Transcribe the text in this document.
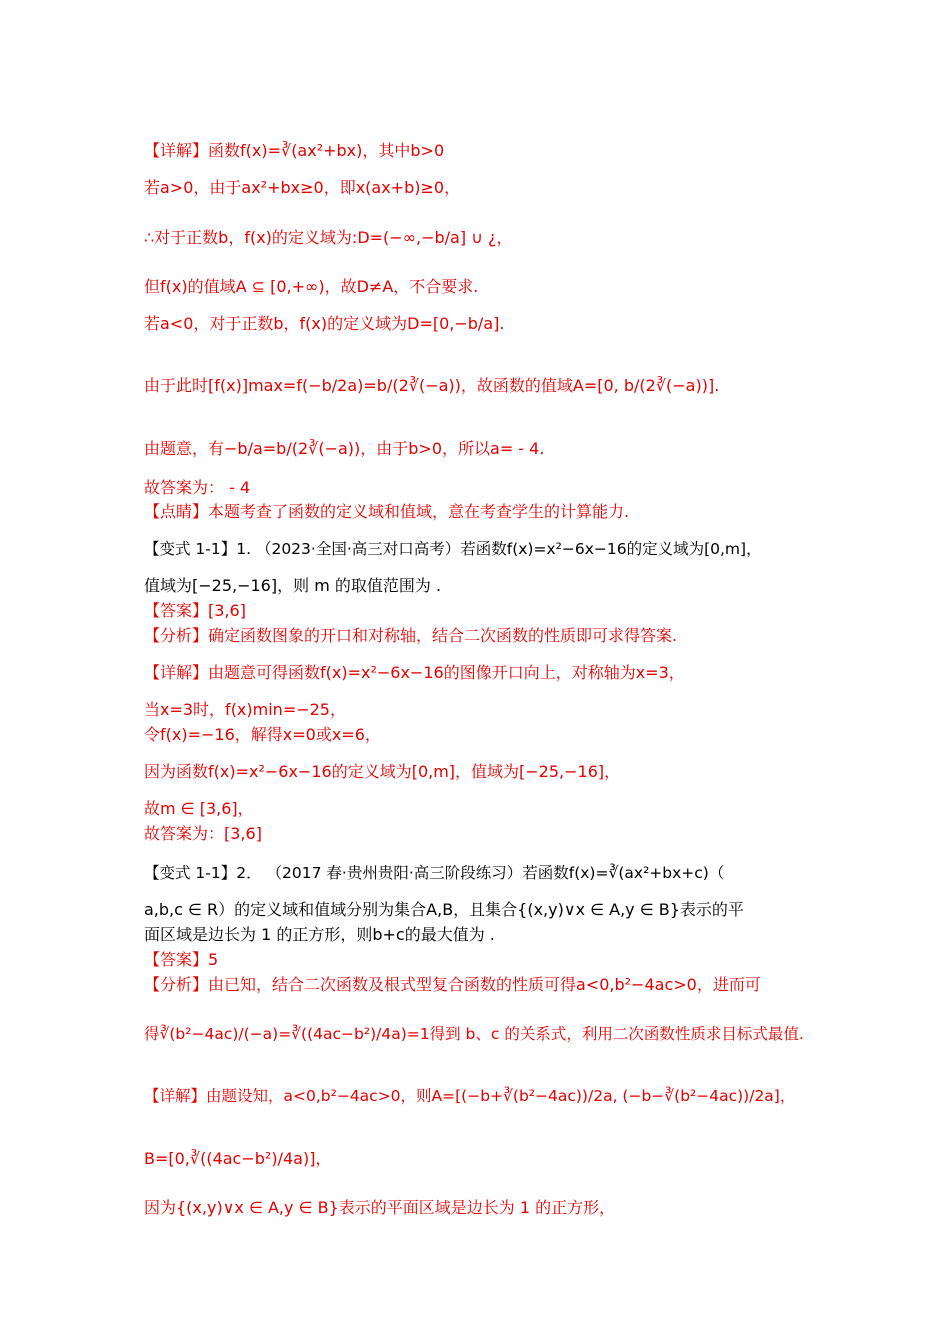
【详解】函数f(x)=∛(ax²+bx)，其中b>0

若a>0，由于ax²+bx≥0，即x(ax+b)≥0，

∴对于正数b，f(x)的定义域为:D=(−∞,−b/a] ∪ ¿，

但f(x)的值域A ⊆ [0,+∞)，故D≠A，不合要求.

若a<0，对于正数b，f(x)的定义域为D=[0,−b/a].

由于此时[f(x)]max=f(−b/2a)=b/(2∛(−a))，故函数的值域A=[0, b/(2∛(−a))].

由题意，有−b/a=b/(2∛(−a))，由于b>0，所以a= - 4.

故答案为： - 4

【点睛】本题考查了函数的定义域和值域，意在考查学生的计算能力.

【变式 1-1】1. （2023·全国·高三对口高考）若函数f(x)=x²−6x−16的定义域为[0,m]，

值域为[−25,−16]，则 m 的取值范围为 .

【答案】[3,6]

【分析】确定函数图象的开口和对称轴，结合二次函数的性质即可求得答案.

【详解】由题意可得函数f(x)=x²−6x−16的图像开口向上，对称轴为x=3，

当x=3时，f(x)min=−25，

令f(x)=−16，解得x=0或x=6，

因为函数f(x)=x²−6x−16的定义域为[0,m]，值域为[−25,−16]，

故m ∈ [3,6]，

故答案为：[3,6]

【变式 1-1】2． （2017 春·贵州贵阳·高三阶段练习）若函数f(x)=∛(ax²+bx+c)（

a,b,c ∈ R）的定义域和值域分别为集合A,B，且集合{(x,y)∨x ∈ A,y ∈ B}表示的平

面区域是边长为 1 的正方形，则b+c的最大值为 .

【答案】5

【分析】由已知，结合二次函数及根式型复合函数的性质可得a<0,b²−4ac>0，进而可

得∛(b²−4ac)/(−a)=∛((4ac−b²)/4a)=1得到 b、c 的关系式，利用二次函数性质求目标式最值.

【详解】由题设知，a<0,b²−4ac>0，则A=[(−b+∛(b²−4ac))/2a, (−b−∛(b²−4ac))/2a]，

B=[0,∛((4ac−b²)/4a)]，

因为{(x,y)∨x ∈ A,y ∈ B}表示的平面区域是边长为 1 的正方形，
